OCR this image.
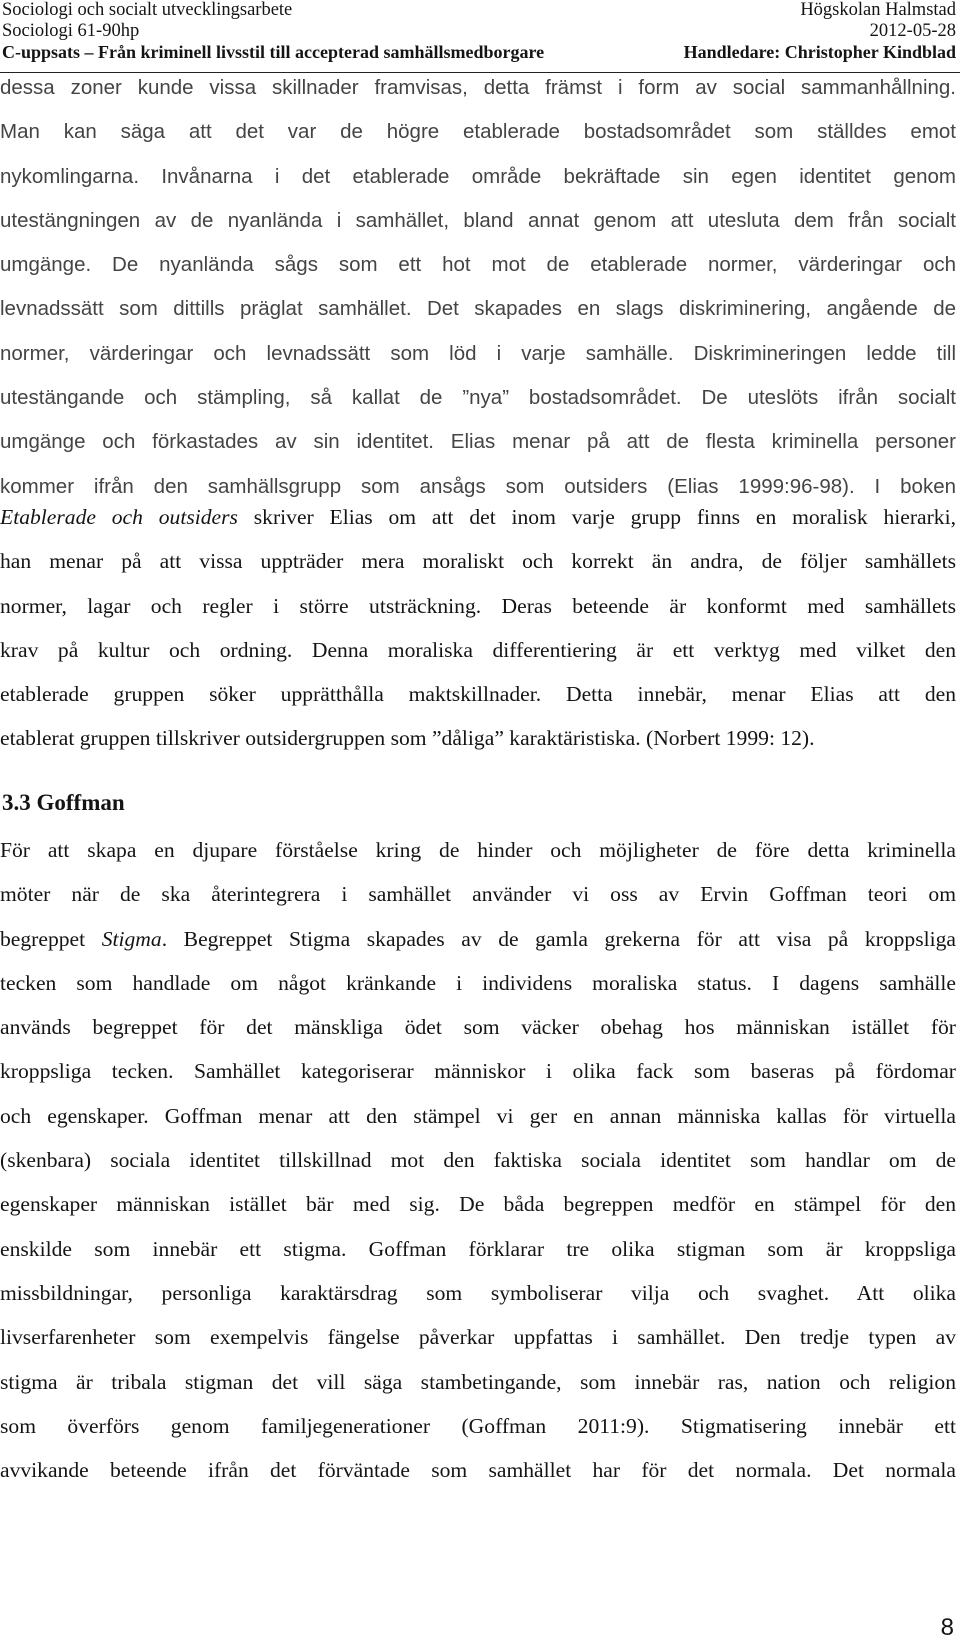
Sociologi och socialt utvecklingsarbete	Högskolan Halmstad
Sociologi 61-90hp	2012-05-28
C-uppsats – Från kriminell livsstil till accepterad samhällsmedborgare	Handledare: Christopher Kindblad
dessa zoner kunde vissa skillnader framvisas, detta främst i form av social sammanhållning.
Man kan säga att det var de högre etablerade bostadsområdet som ställdes emot
nykomlingarna. Invånarna i det etablerade område bekräftade sin egen identitet genom
utestängningen av de nyanlända i samhället, bland annat genom att utesluta dem från socialt
umgänge. De nyanlända sågs som ett hot mot de etablerade normer, värderingar och
levnadssätt som dittills präglat samhället. Det skapades en slags diskriminering, angående de
normer, värderingar och levnadssätt som löd i varje samhälle. Diskrimineringen ledde till
utestängande och stämpling, så kallat de ”nya” bostadsområdet. De uteslöts ifrån socialt
umgänge och förkastades av sin identitet. Elias menar på att de flesta kriminella personer
kommer ifrån den samhällsgrupp som ansågs som outsiders (Elias 1999:96-98). I boken
Etablerade och outsiders skriver Elias om att det inom varje grupp finns en moralisk hierarki,
han menar på att vissa uppträder mera moraliskt och korrekt än andra, de följer samhällets
normer, lagar och regler i större utsträckning. Deras beteende är konformt med samhällets
krav på kultur och ordning. Denna moraliska differentiering är ett verktyg med vilket den
etablerade gruppen söker upprätthålla maktskillnader. Detta innebär, menar Elias att den
etablerat gruppen tillskriver outsidergruppen som ”dåliga” karaktäristiska. (Norbert 1999: 12).
3.3 Goffman
För att skapa en djupare förståelse kring de hinder och möjligheter de före detta kriminella
möter när de ska återintegrera i samhället använder vi oss av Ervin Goffman teori om
begreppet Stigma. Begreppet Stigma skapades av de gamla grekerna för att visa på kroppsliga
tecken som handlade om något kränkande i individens moraliska status. I dagens samhälle
används begreppet för det mänskliga ödet som väcker obehag hos människan istället för
kroppsliga tecken. Samhället kategoriserar människor i olika fack som baseras på fördomar
och egenskaper. Goffman menar att den stämpel vi ger en annan människa kallas för virtuella
(skenbara) sociala identitet tillskillnad mot den faktiska sociala identitet som handlar om de
egenskaper människan istället bär med sig. De båda begreppen medför en stämpel för den
enskilde som innebär ett stigma. Goffman förklarar tre olika stigman som är kroppsliga
missbildningar, personliga karaktärsdrag som symboliserar vilja och svaghet. Att olika
livserfarenheter som exempelvis fängelse påverkar uppfattas i samhället. Den tredje typen av
stigma är tribala stigman det vill säga stambetingande, som innebär ras, nation och religion
som överförs genom familjegenerationer (Goffman 2011:9). Stigmatisering innebär ett
avvikande beteende ifrån det förväntade som samhället har för det normala. Det normala
8
